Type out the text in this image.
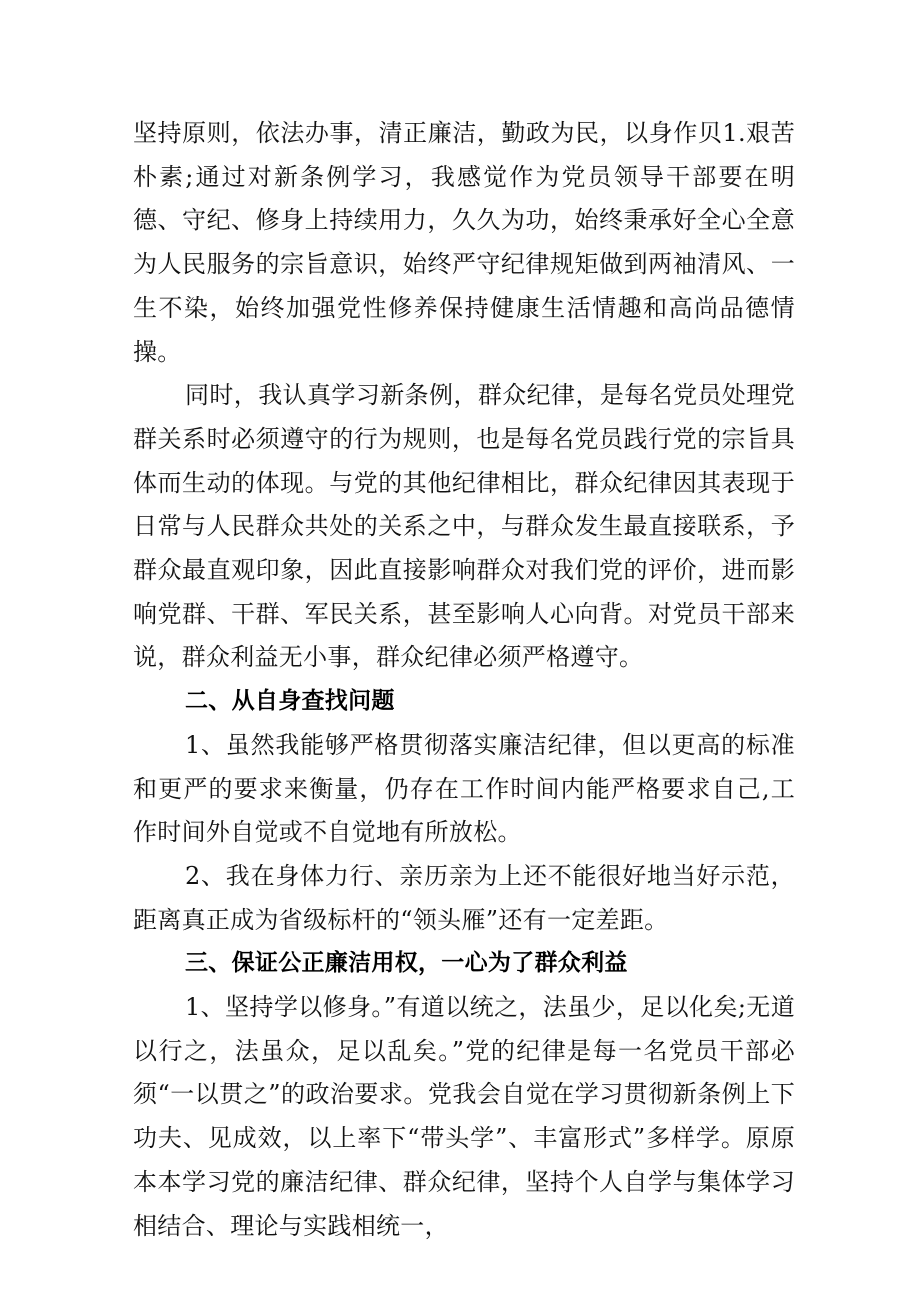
坚持原则，依法办事，清正廉洁，勤政为民，以身作贝1.艰苦朴素;通过对新条例学习，我感觉作为党员领导干部要在明德、守纪、修身上持续用力，久久为功，始终秉承好全心全意为人民服务的宗旨意识，始终严守纪律规矩做到两袖清风、一生不染，始终加强党性修养保持健康生活情趣和高尚品德情操。

同时，我认真学习新条例，群众纪律，是每名党员处理党群关系时必须遵守的行为规则，也是每名党员践行党的宗旨具体而生动的体现。与党的其他纪律相比，群众纪律因其表现于日常与人民群众共处的关系之中，与群众发生最直接联系，予群众最直观印象，因此直接影响群众对我们党的评价，进而影响党群、干群、军民关系，甚至影响人心向背。对党员干部来说，群众利益无小事，群众纪律必须严格遵守。

二、从自身查找问题

1、虽然我能够严格贯彻落实廉洁纪律，但以更高的标准和更严的要求来衡量，仍存在工作时间内能严格要求自己,工作时间外自觉或不自觉地有所放松。

2、我在身体力行、亲历亲为上还不能很好地当好示范，距离真正成为省级标杆的“领头雁”还有一定差距。

三、保证公正廉洁用权，一心为了群众利益

1、坚持学以修身。”有道以统之，法虽少，足以化矣;无道以行之，法虽众，足以乱矣。”党的纪律是每一名党员干部必须“一以贯之”的政治要求。党我会自觉在学习贯彻新条例上下功夫、见成效，以上率下“带头学”、丰富形式”多样学。原原本本学习党的廉洁纪律、群众纪律，坚持个人自学与集体学习相结合、理论与实践相统一，
